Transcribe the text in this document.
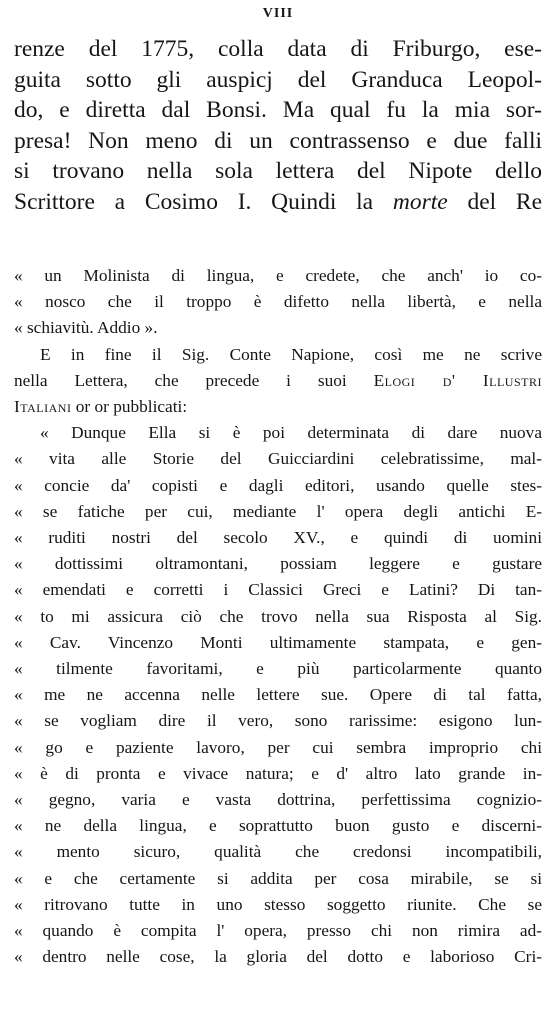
VIII
renze del 1775, colla data di Friburgo, ese-
guita sotto gli auspicj del Granduca Leopol-
do, e diretta dal Bonsi. Ma qual fu la mia sor-
presa! Non meno di un contrassenso e due falli
si trovano nella sola lettera del Nipote dello
Scrittore a Cosimo I. Quindi la morte del Re
« un Molinista di lingua, e credete, che anch' io co-
« nosco che il troppo è difetto nella libertà, e nella
« schiavitù. Addio ».
E in fine il Sig. Conte Napione, così me ne scrive
nella Lettera, che precede i suoi Elogi d' Illustri
Italiani or or pubblicati:
« Dunque Ella si è poi determinata di dare nuova
« vita alle Storie del Guicciardini celebratissime, mal-
« concie da' copisti e dagli editori, usando quelle stes-
« se fatiche per cui, mediante l' opera degli antichi E-
« ruditi nostri del secolo XV., e quindi di uomini
« dottissimi oltramontani, possiam leggere e gustare
« emendati e corretti i Classici Greci e Latini? Di tan-
« to mi assicura ciò che trovo nella sua Risposta al Sig.
« Cav. Vincenzo Monti ultimamente stampata, e gen-
« tilmente favoritami, e più particolarmente quanto
« me ne accenna nelle lettere sue. Opere di tal fatta,
« se vogliam dire il vero, sono rarissime: esigono lun-
« go e paziente lavoro, per cui sembra improprio chi
« è di pronta e vivace natura; e d' altro lato grande in-
« gegno, varia e vasta dottrina, perfettissima cognizio-
« ne della lingua, e soprattutto buon gusto e discerni-
« mento sicuro, qualità che credonsi incompatibili,
« e che certamente si addita per cosa mirabile, se si
« ritrovano tutte in uno stesso soggetto riunite. Che se
« quando è compita l' opera, presso chi non rimira ad-
« dentro nelle cose, la gloria del dotto e laborioso Cri-
